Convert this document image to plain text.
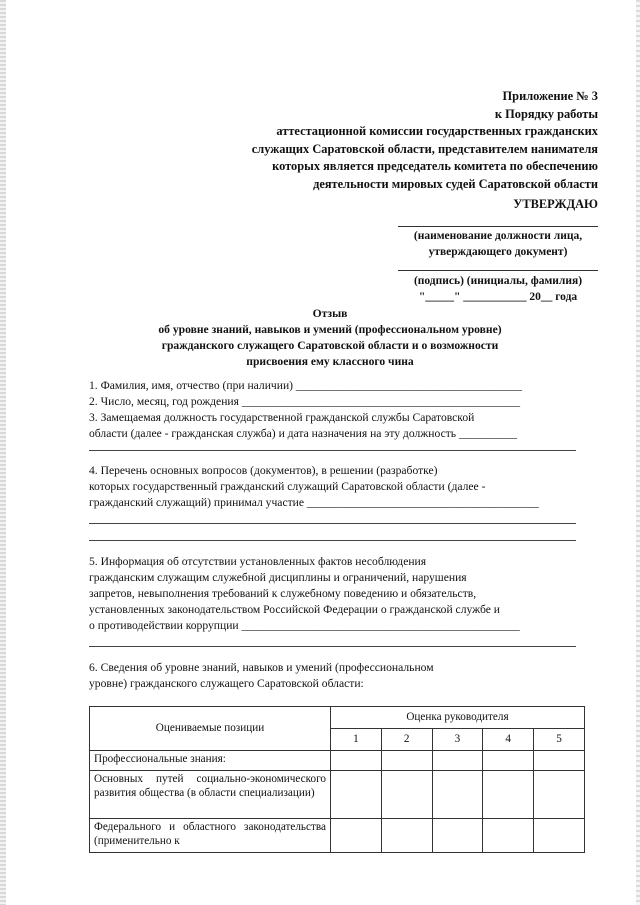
Приложение № 3
к Порядку работы
аттестационной комиссии государственных гражданских
служащих Саратовской области, представителем нанимателя
которых является председатель комитета по обеспечению
деятельности мировых судей Саратовской области
УТВЕРЖДАЮ
(наименование должности лица,
утверждающего документ)
(подпись) (инициалы, фамилия)
"_____" ___________ 20__ года
Отзыв
об уровне знаний, навыков и умений (профессиональном уровне)
гражданского служащего Саратовской области и о возможности
присвоения ему классного чина
1. Фамилия, имя, отчество (при наличии) _______________________________________
2. Число, месяц, год рождения ________________________________________________
3. Замещаемая должность государственной гражданской службы Саратовской
области (далее - гражданская служба) и дата назначения на эту должность __________
4. Перечень основных вопросов (документов), в решении (разработке)
которых государственный гражданский служащий Саратовской области (далее -
гражданский служащий) принимал участие ________________________________________
5. Информация об отсутствии установленных фактов несоблюдения
гражданским служащим служебной дисциплины и ограничений, нарушения
запретов, невыполнения требований к служебному поведению и обязательств,
установленных законодательством Российской Федерации о гражданской службе и
о противодействии коррупции ________________________________________________
6. Сведения об уровне знаний, навыков и умений (профессиональном
уровне) гражданского служащего Саратовской области:
Оцениваемые позиции	Оценка руководителя				
	1	2	3	4	5
Профессиональные знания:					
Основных путей социально-экономического развития общества (в области специализации)					
Федерального и областного законодательства (применительно к					
